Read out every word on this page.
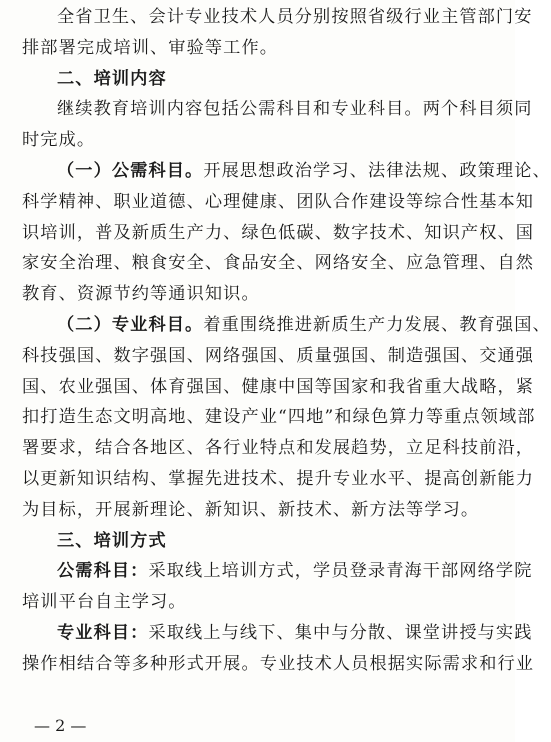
全省卫生、会计专业技术人员分别按照省级行业主管部门安
排部署完成培训、审验等工作。
二、培训内容
继续教育培训内容包括公需科目和专业科目。两个科目须同
时完成。
（一）公需科目。开展思想政治学习、法律法规、政策理论、
科学精神、职业道德、心理健康、团队合作建设等综合性基本知
识培训，普及新质生产力、绿色低碳、数字技术、知识产权、国
家安全治理、粮食安全、食品安全、网络安全、应急管理、自然
教育、资源节约等通识知识。
（二）专业科目。着重围绕推进新质生产力发展、教育强国、
科技强国、数字强国、网络强国、质量强国、制造强国、交通强
国、农业强国、体育强国、健康中国等国家和我省重大战略，紧
扣打造生态文明高地、建设产业“四地”和绿色算力等重点领域部
署要求，结合各地区、各行业特点和发展趋势，立足科技前沿，
以更新知识结构、掌握先进技术、提升专业水平、提高创新能力
为目标，开展新理论、新知识、新技术、新方法等学习。
三、培训方式
公需科目：采取线上培训方式，学员登录青海干部网络学院
培训平台自主学习。
专业科目：采取线上与线下、集中与分散、课堂讲授与实践
操作相结合等多种形式开展。专业技术人员根据实际需求和行业
— 2 —
